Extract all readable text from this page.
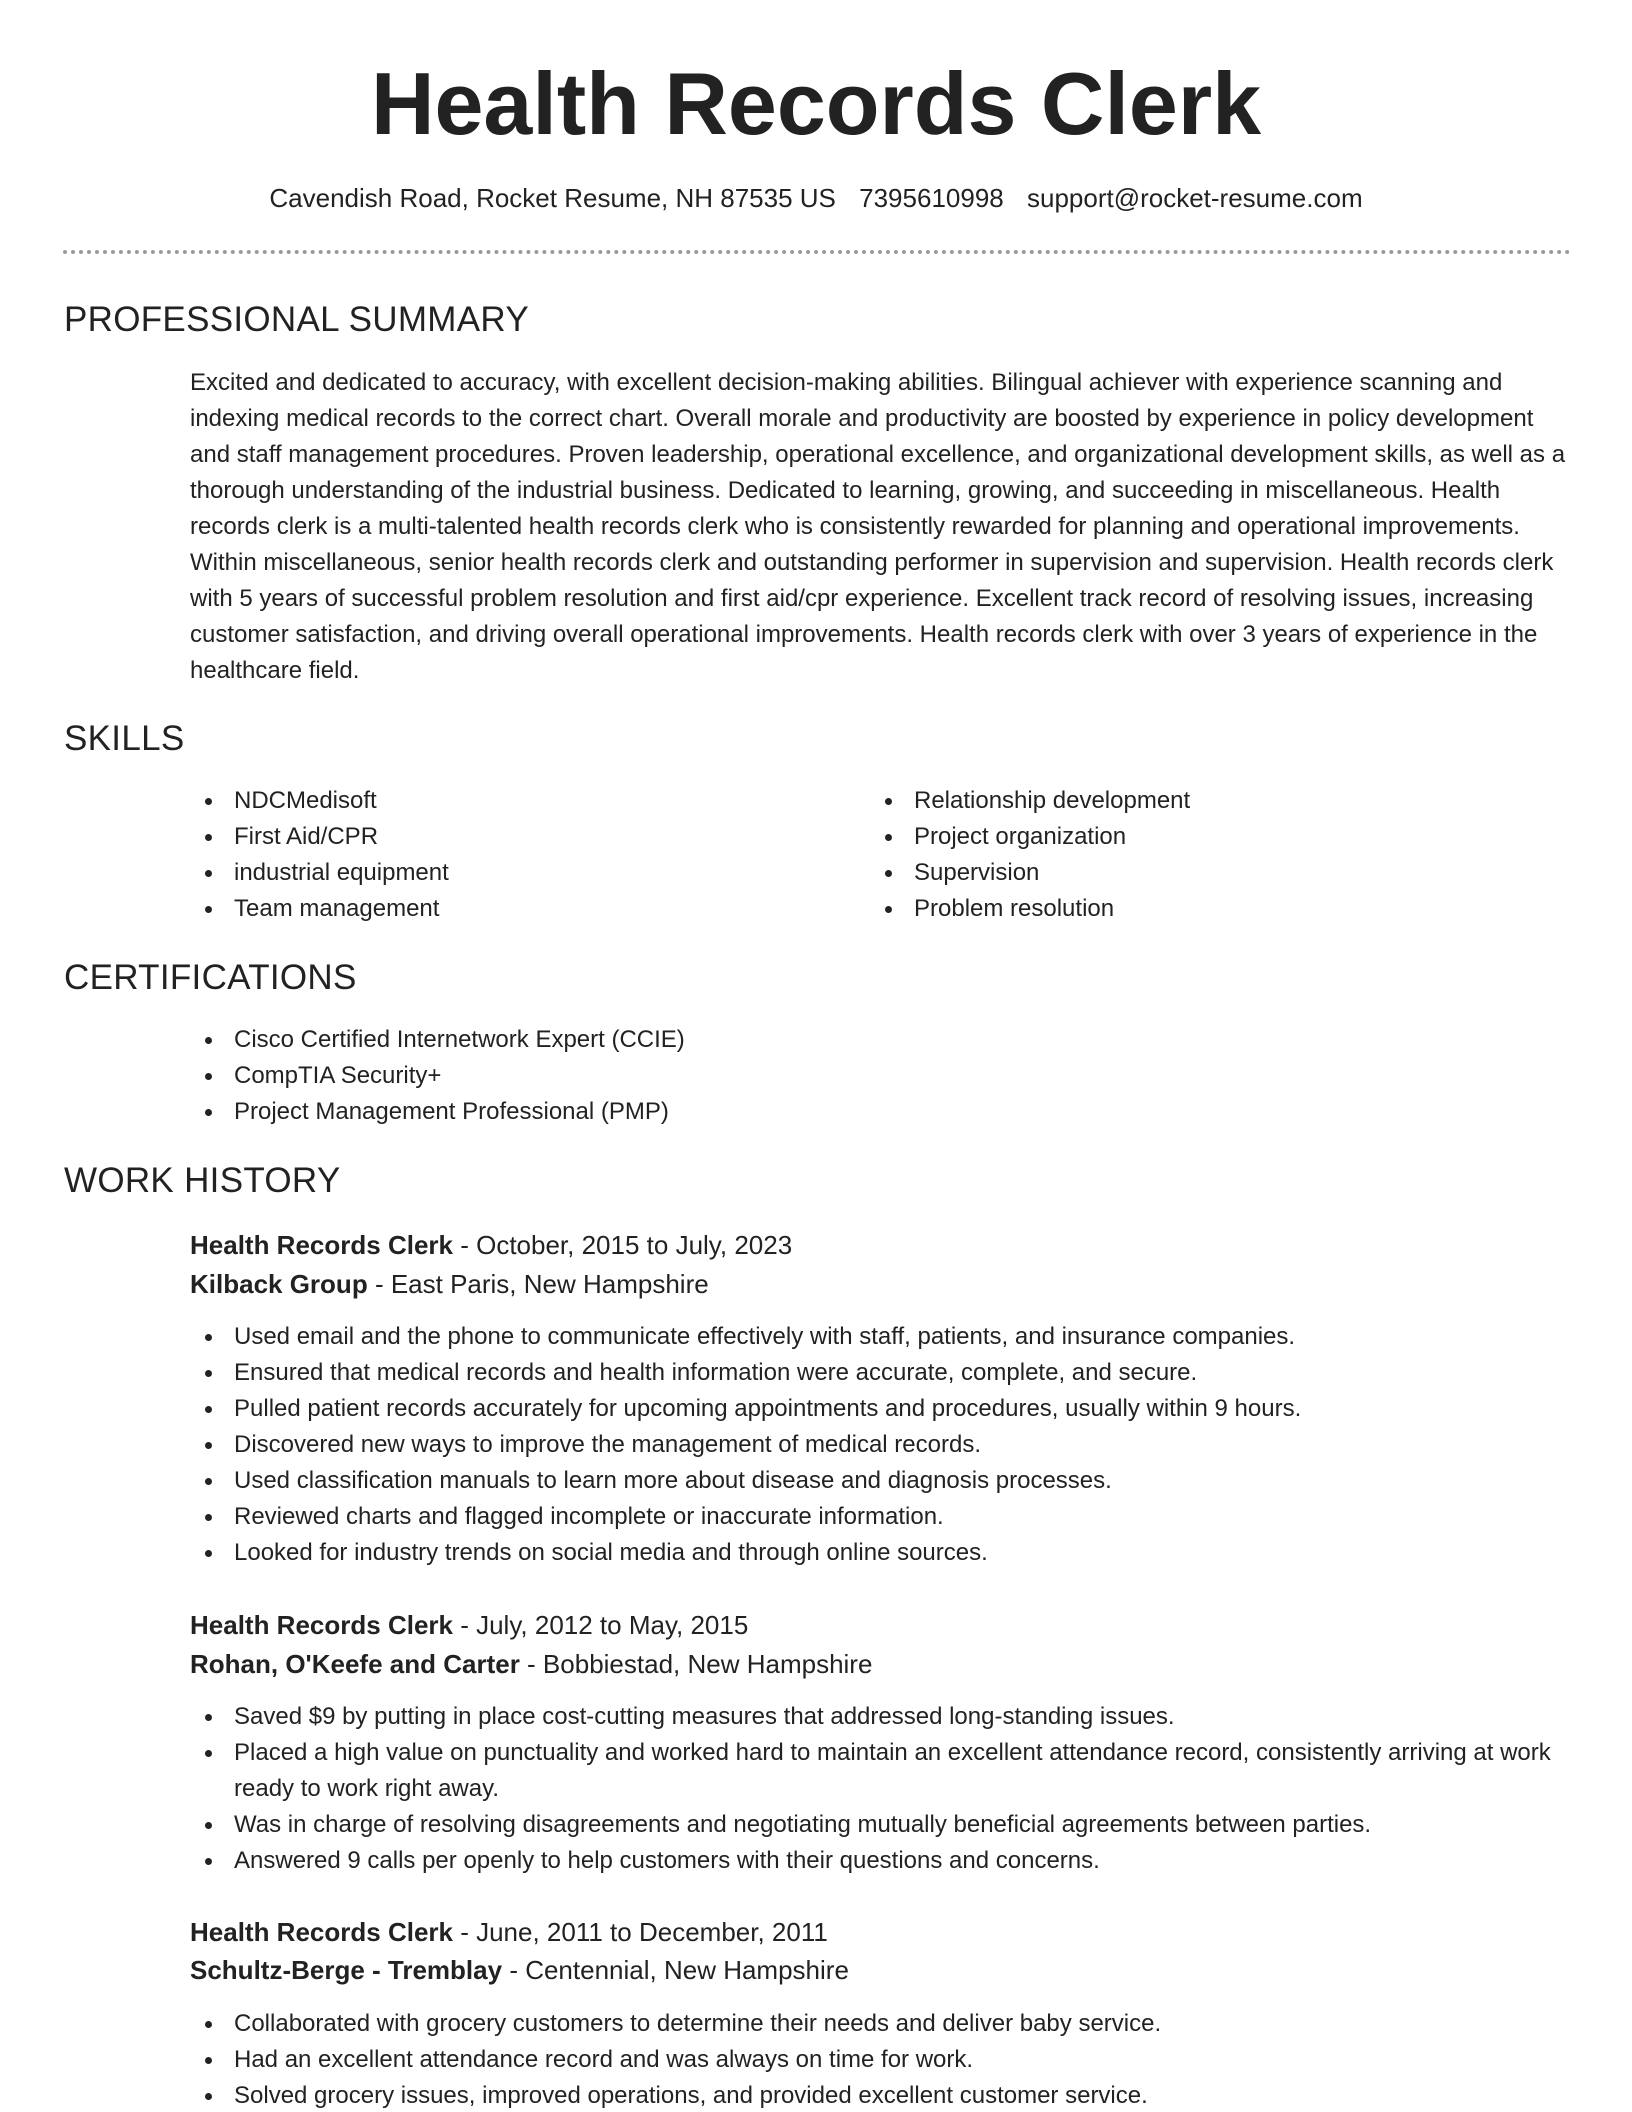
Health Records Clerk
Cavendish Road, Rocket Resume, NH 87535 US 7395610998 support@rocket-resume.com
PROFESSIONAL SUMMARY

Excited and dedicated to accuracy, with excellent decision-making abilities. Bilingual achiever with experience scanning and indexing medical records to the correct chart. Overall morale and productivity are boosted by experience in policy development and staff management procedures. Proven leadership, operational excellence, and organizational development skills, as well as a thorough understanding of the industrial business. Dedicated to learning, growing, and succeeding in miscellaneous. Health records clerk is a multi-talented health records clerk who is consistently rewarded for planning and operational improvements. Within miscellaneous, senior health records clerk and outstanding performer in supervision and supervision. Health records clerk with 5 years of successful problem resolution and first aid/cpr experience. Excellent track record of resolving issues, increasing customer satisfaction, and driving overall operational improvements. Health records clerk with over 3 years of experience in the healthcare field.

SKILLS
NDCMedisoft
First Aid/CPR
industrial equipment
Team management
Relationship development
Project organization
Supervision
Problem resolution
CERTIFICATIONS
Cisco Certified Internetwork Expert (CCIE)
CompTIA Security+
Project Management Professional (PMP)
WORK HISTORY
Health Records Clerk - October, 2015 to July, 2023
Kilback Group - East Paris, New Hampshire
Used email and the phone to communicate effectively with staff, patients, and insurance companies.
Ensured that medical records and health information were accurate, complete, and secure.
Pulled patient records accurately for upcoming appointments and procedures, usually within 9 hours.
Discovered new ways to improve the management of medical records.
Used classification manuals to learn more about disease and diagnosis processes.
Reviewed charts and flagged incomplete or inaccurate information.
Looked for industry trends on social media and through online sources.
Health Records Clerk - July, 2012 to May, 2015
Rohan, O'Keefe and Carter - Bobbiestad, New Hampshire
Saved $9 by putting in place cost-cutting measures that addressed long-standing issues.
Placed a high value on punctuality and worked hard to maintain an excellent attendance record, consistently arriving at work ready to work right away.
Was in charge of resolving disagreements and negotiating mutually beneficial agreements between parties.
Answered 9 calls per openly to help customers with their questions and concerns.
Health Records Clerk - June, 2011 to December, 2011
Schultz-Berge - Tremblay - Centennial, New Hampshire
Collaborated with grocery customers to determine their needs and deliver baby service.
Had an excellent attendance record and was always on time for work.
Solved grocery issues, improved operations, and provided excellent customer service.
